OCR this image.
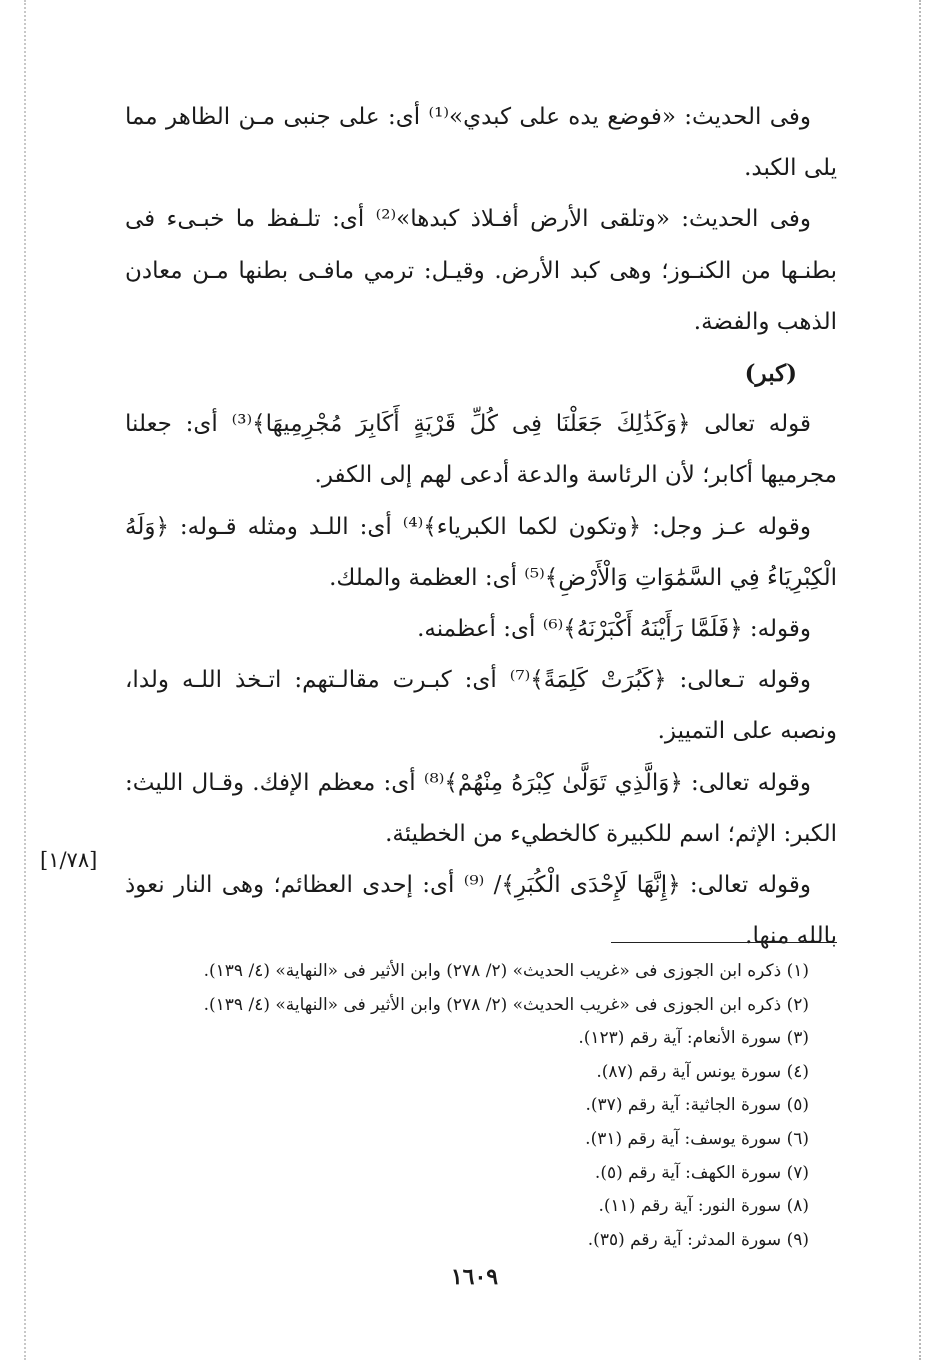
وفى الحديث: «فوضع يده على كبدي»⁽¹⁾ أى: على جنبى مـن الظاهر مما يلى الكبد.

وفى الحديث: «وتلقى الأرض أفـلاذ كبدها»⁽²⁾ أى: تلـفظ ما خبـىء فى بطنـها من الكنـوز؛ وهى كبد الأرض. وقيـل: ترمي مافـى بطنها مـن معادن الذهب والفضة.

(كبر)

قوله تعالى ﴿وَكَذَٰلِكَ جَعَلْنَا فِى كُلِّ قَرْيَةٍ أَكَابِرَ مُجْرِمِيهَا﴾⁽³⁾ أى: جعلنا مجرميها أكابر؛ لأن الرئاسة والدعة أدعى لهم إلى الكفر.

وقوله عـز وجل: ﴿وتكون لكما الكبرياء﴾⁽⁴⁾ أى: اللـد ومثله قـوله: ﴿وَلَهُ الْكِبْرِيَاءُ فِي السَّمَٰوَاتِ وَالْأَرْضِ﴾⁽⁵⁾ أى: العظمة والملك.

وقوله: ﴿فَلَمَّا رَأَيْنَهُ أَكْبَرْنَهُ﴾⁽⁶⁾ أى: أعظمنه.

وقوله تـعالى: ﴿كَبُرَتْ كَلِمَةً﴾⁽⁷⁾ أى: كبـرت مقالـتهم: اتـخذ اللـه ولدا، ونصبه على التمييز.

وقوله تعالى: ﴿وَالَّذِي تَوَلَّىٰ كِبْرَهُ مِنْهُمْ﴾⁽⁸⁾ أى: معظم الإفك. وقـال الليث: الكبر: الإثم؛ اسم للكبيرة كالخطيء من الخطيئة.

وقوله تعالى: ﴿إِنَّهَا لَإِحْدَى الْكُبَرِ﴾/ ⁽⁹⁾ أى: إحدى العظائم؛ وهى النار نعوذ بالله منها.

[١/٧٨]
(١) ذكره ابن الجوزى فى «غريب الحديث» (٢/ ٢٧٨) وابن الأثير فى «النهاية» (٤/ ١٣٩).
(٢) ذكره ابن الجوزى فى «غريب الحديث» (٢/ ٢٧٨) وابن الأثير فى «النهاية» (٤/ ١٣٩).
(٣) سورة الأنعام: آية رقم (١٢٣).
(٤) سورة يونس آية رقم (٨٧).
(٥) سورة الجاثية: آية رقم (٣٧).
(٦) سورة يوسف: آية رقم (٣١).
(٧) سورة الكهف: آية رقم (٥).
(٨) سورة النور: آية رقم (١١).
(٩) سورة المدثر: آية رقم (٣٥).
١٦٠٩
